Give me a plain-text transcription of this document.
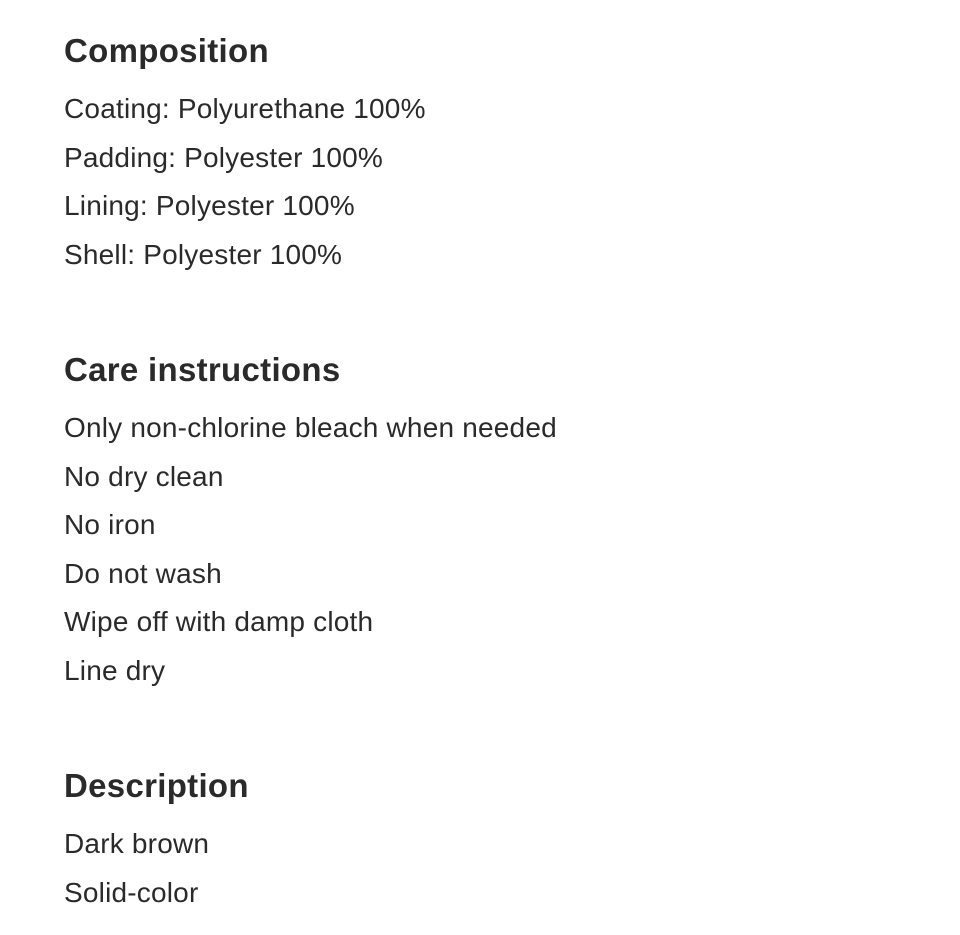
Composition

Coating: Polyurethane 100%

Padding: Polyester 100%

Lining: Polyester 100%

Shell: Polyester 100%

Care instructions

Only non-chlorine bleach when needed

No dry clean

No iron

Do not wash

Wipe off with damp cloth

Line dry

Description

Dark brown

Solid-color
